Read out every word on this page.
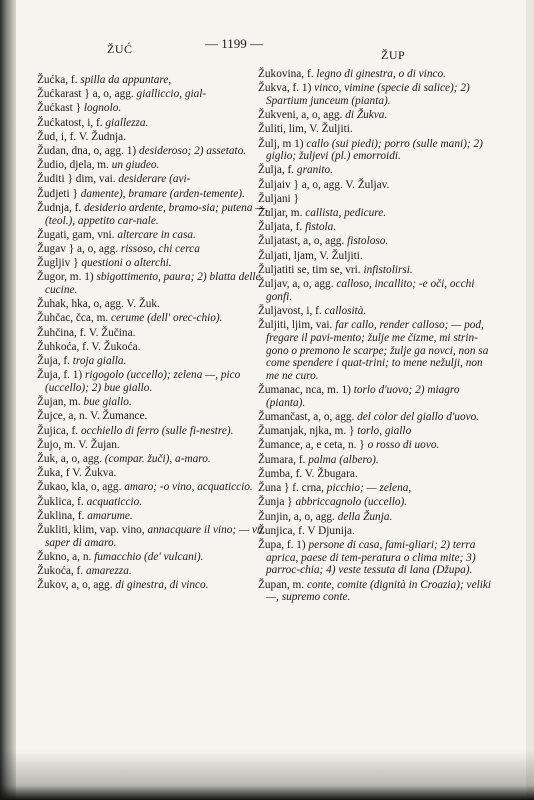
ŽUĆ	— 1199 —
ŽUP
Žućka, f. spilla da appuntare,
Žućkarast } a, o, agg. gialliccio, gial-
Žućkast } lognolo.
Žućkatost, i, f. giallezza.
Žud, i, f. V. Žudnja.
Žudan, dna, o, agg. 1) desideroso; 2) assetato.
Žudio, djela, m. un giudeo.
Žuditi } dim, vai. desiderare (avi-
Žudjeti } damente), bramare (arden-temente).
Žudnja, f. desiderio ardente, bramo-sia; putena —, (teol.), appetito car-nale.
Žugati, gam, vni. altercare in casa.
Žugav } a, o, agg. rissoso, chi cerca
Žugljiv } questioni o alterchi.
Žugor, m. 1) sbigottimento, paura; 2) blatta delle cucine.
Žuhak, hka, o, agg. V. Žuk.
Žuhčac, čca, m. cerume (dell' orec-chio).
Žuhčina, f. V. Žučina.
Žuhkoća, f. V. Žukoća.
Žuja, f. troja gialla.
Žuja, f. 1) rigogolo (uccello); zelena —, pico (uccello); 2) bue giallo.
Žujan, m. bue giallo.
Žujce, a, n. V. Žumance.
Žujica, f. occhiello di ferro (sulle fi-nestre).
Žujo, m. V. Žujan.
Žuk, a, o, agg. (compar. žuči), a-maro.
Žuka, f V. Žukva.
Žukao, kla, o, agg. amaro; -o vino, acquaticcio.
Žuklica, f. acquaticcio.
Žuklina, f. amarume.
Žukliti, klim, vap. vino, annacquare il vino; — vn. saper di amaro.
Žukno, a, n. fumacchio (de' vulcani).
Žukoća, f. amarezza.
Žukov, a, o, agg. di ginestra, di vinco.
Žukovina, f. legno di ginestra, o di vinco.
Žukva, f. 1) vinco, vimine (specie di salice); 2) Spartium junceum (pianta).
Žukveni, a, o, agg. di Žukva.
Žuliti, lim, V. Žuljiti.
Žulj, m 1) callo (sui piedi); porro (sulle mani); 2) giglio; žuljevi (pl.) emorroidi.
Žulja, f. granito.
Žuljaiv } a, o, agg. V. Žuljav.
Žuljani }
Žuljar, m. callista, pedicure.
Žuljata, f. fistola.
Žuljatast, a, o, agg. fistoloso.
Žuljati, ljam, V. Žuljiti.
Žuljatiti se, tim se, vri. infistolirsi.
Žuljav, a, o, agg. calloso, incallito; -e oči, occhi gonfi.
Žuljavost, i, f. callosità.
Žuljiti, ljim, vai. far callo, render calloso; — pod, fregare il pavi-mento; žulje me čizme, mi strin-gono o premono le scarpe; žulje ga novci, non sa come spendere i quat-trini; to mene nežulji, non me ne curo.
Žumanac, nca, m. 1) torlo d'uovo; 2) miagro (pianta).
Žumančast, a, o, agg. del color del giallo d'uovo.
Žumanjak, njka, m. } torlo, giallo
Žumance, a, e ceta, n. } o rosso di uovo.
Žumara, f. palma (albero).
Žumba, f. V. Žbugara.
Žuna } f. crna, picchio; — zelena,
Žunja } abbriccagnolo (uccello).
Žunjin, a, o, agg. della Žunja.
Žunjica, f. V Djunija.
Župa, f. 1) persone di casa, fami-gliari; 2) terra aprica, paese di tem-peratura o clima mite; 3) parroc-chia; 4) veste tessuta di lana (Džupa).
Župan, m. conte, comite (dignità in Croazia); veliki —, supremo conte.
